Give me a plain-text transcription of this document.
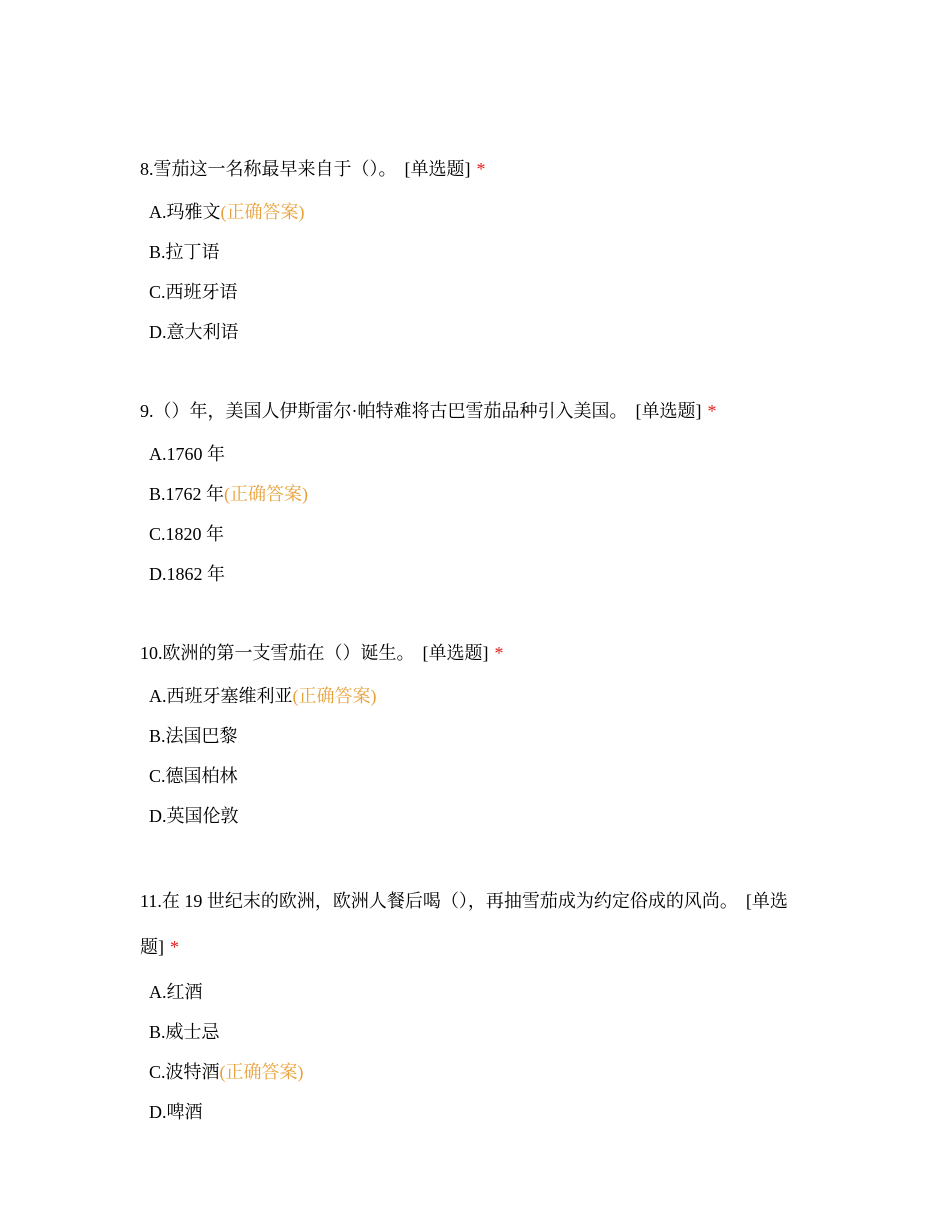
8.雪茄这一名称最早来自于（）。 [单选题] *

A.玛雅文 (正确答案)
B.拉丁语
C.西班牙语
D.意大利语

9.（）年，美国人伊斯雷尔·帕特难将古巴雪茄品种引入美国。 [单选题] *

A.1760 年
B.1762 年 (正确答案)
C.1820 年
D.1862 年

10.欧洲的第一支雪茄在（）诞生。 [单选题] *

A.西班牙塞维利亚 (正确答案)
B.法国巴黎
C.德国柏林
D.英国伦敦

11.在 19 世纪末的欧洲，欧洲人餐后喝（），再抽雪茄成为约定俗成的风尚。 [单选题] *

A.红酒
B.威士忌
C.波特酒 (正确答案)
D.啤酒
